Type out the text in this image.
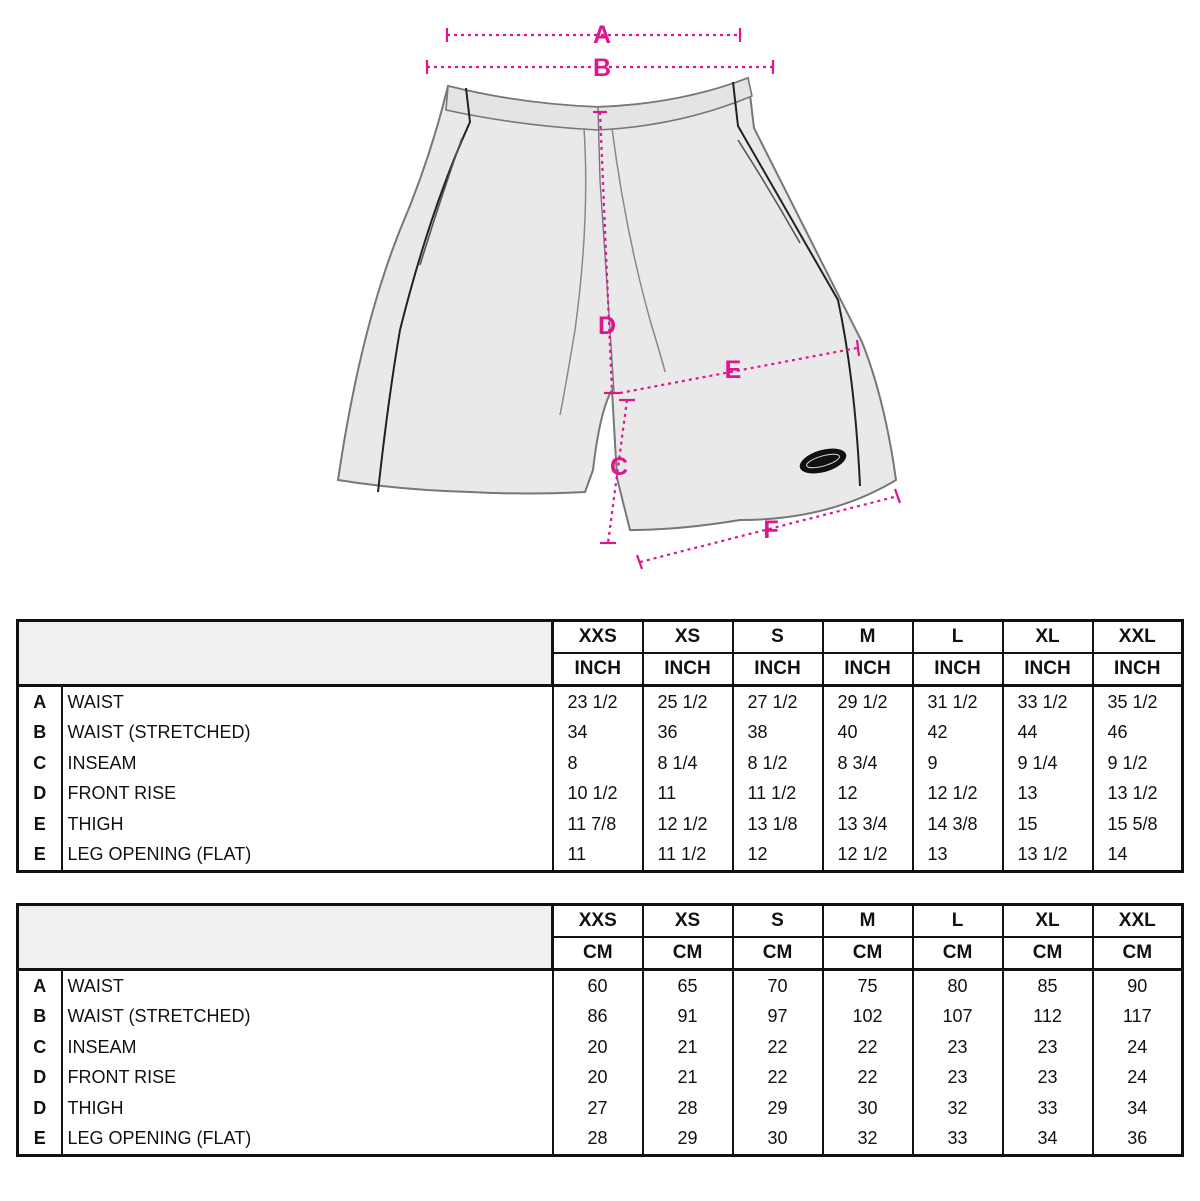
A
B
D
E
C
F
		XXS	XS	S	M	L	XL	XXL
		INCH	INCH	INCH	INCH	INCH	INCH	INCH
A	WAIST	23 1/2	25 1/2	27 1/2	29 1/2	31 1/2	33 1/2	35 1/2
B	WAIST (STRETCHED)	34	36	38	40	42	44	46
C	INSEAM	8	8 1/4	8 1/2	8 3/4	9	9 1/4	9 1/2
D	FRONT RISE	10 1/2	11	11 1/2	12	12 1/2	13	13 1/2
E	THIGH	11 7/8	12 1/2	13 1/8	13 3/4	14 3/8	15	15 5/8
E	LEG OPENING (FLAT)	11	11 1/2	12	12 1/2	13	13 1/2	14
		XXS	XS	S	M	L	XL	XXL
		CM	CM	CM	CM	CM	CM	CM
A	WAIST	60	65	70	75	80	85	90
B	WAIST (STRETCHED)	86	91	97	102	107	112	117
C	INSEAM	20	21	22	22	23	23	24
D	FRONT RISE	20	21	22	22	23	23	24
D	THIGH	27	28	29	30	32	33	34
E	LEG OPENING (FLAT)	28	29	30	32	33	34	36
